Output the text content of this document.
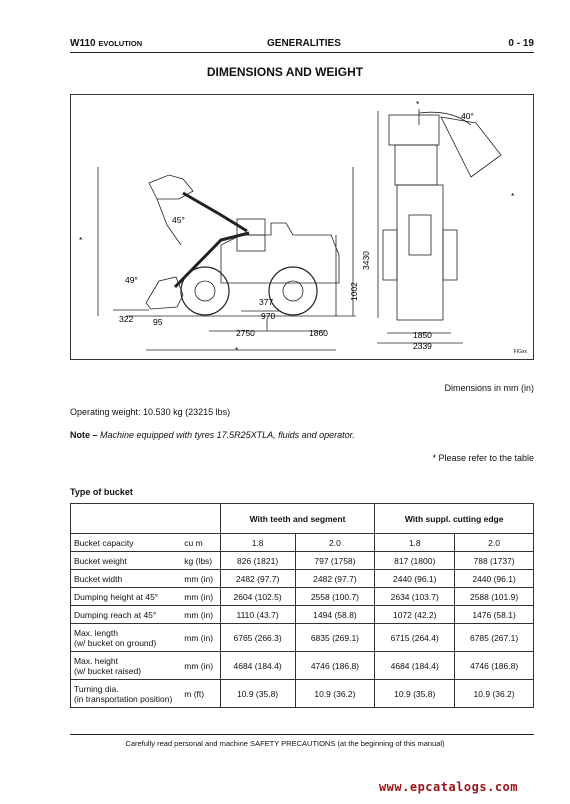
W110 EVOLUTION	GENERALITIES	0 - 19
DIMENSIONS AND WEIGHT
*
*
*
*
45°
49°
40°
3430
1002
377
322 95
970
2750	1860	1850
2339
FIGxx
Dimensions in mm (in)
Operating weight: 10.530 kg (23215 lbs)
Note – Machine equipped with tyres 17.5R25XTLA, fluids and operator.
* Please refer to the table
Type of bucket
		With teeth and segment		With suppl. cutting edge	
Bucket capacity	cu m	1.8	2.0	1.8	2.0
Bucket weight	kg (lbs)	826 (1821)	797 (1758)	817 (1800)	788 (1737)
Bucket width	mm (in)	2482 (97.7)	2482 (97.7)	2440 (96.1)	2440 (96.1)
Dumping height at 45°	mm (in)	2604 (102.5)	2558 (100.7)	2634 (103.7)	2588 (101.9)
Dumping reach at 45°	mm (in)	1110 (43.7)	1494 (58.8)	1072 (42.2)	1476 (58.1)
Max. length
(w/ bucket on ground)	mm (in)	6765 (266.3)	6835 (269.1)	6715 (264.4)	6785 (267.1)
Max. height
(w/ bucket raised)	mm (in)	4684 (184.4)	4746 (186.8)	4684 (184.4)	4746 (186.8)
Turning dia.
(in transportation position)	m (ft)	10.9 (35.8)	10.9 (36.2)	10.9 (35.8)	10.9 (36.2)
Carefully read personal and machine SAFETY PRECAUTIONS (at the beginning of this manual)
www.epcatalogs.com
